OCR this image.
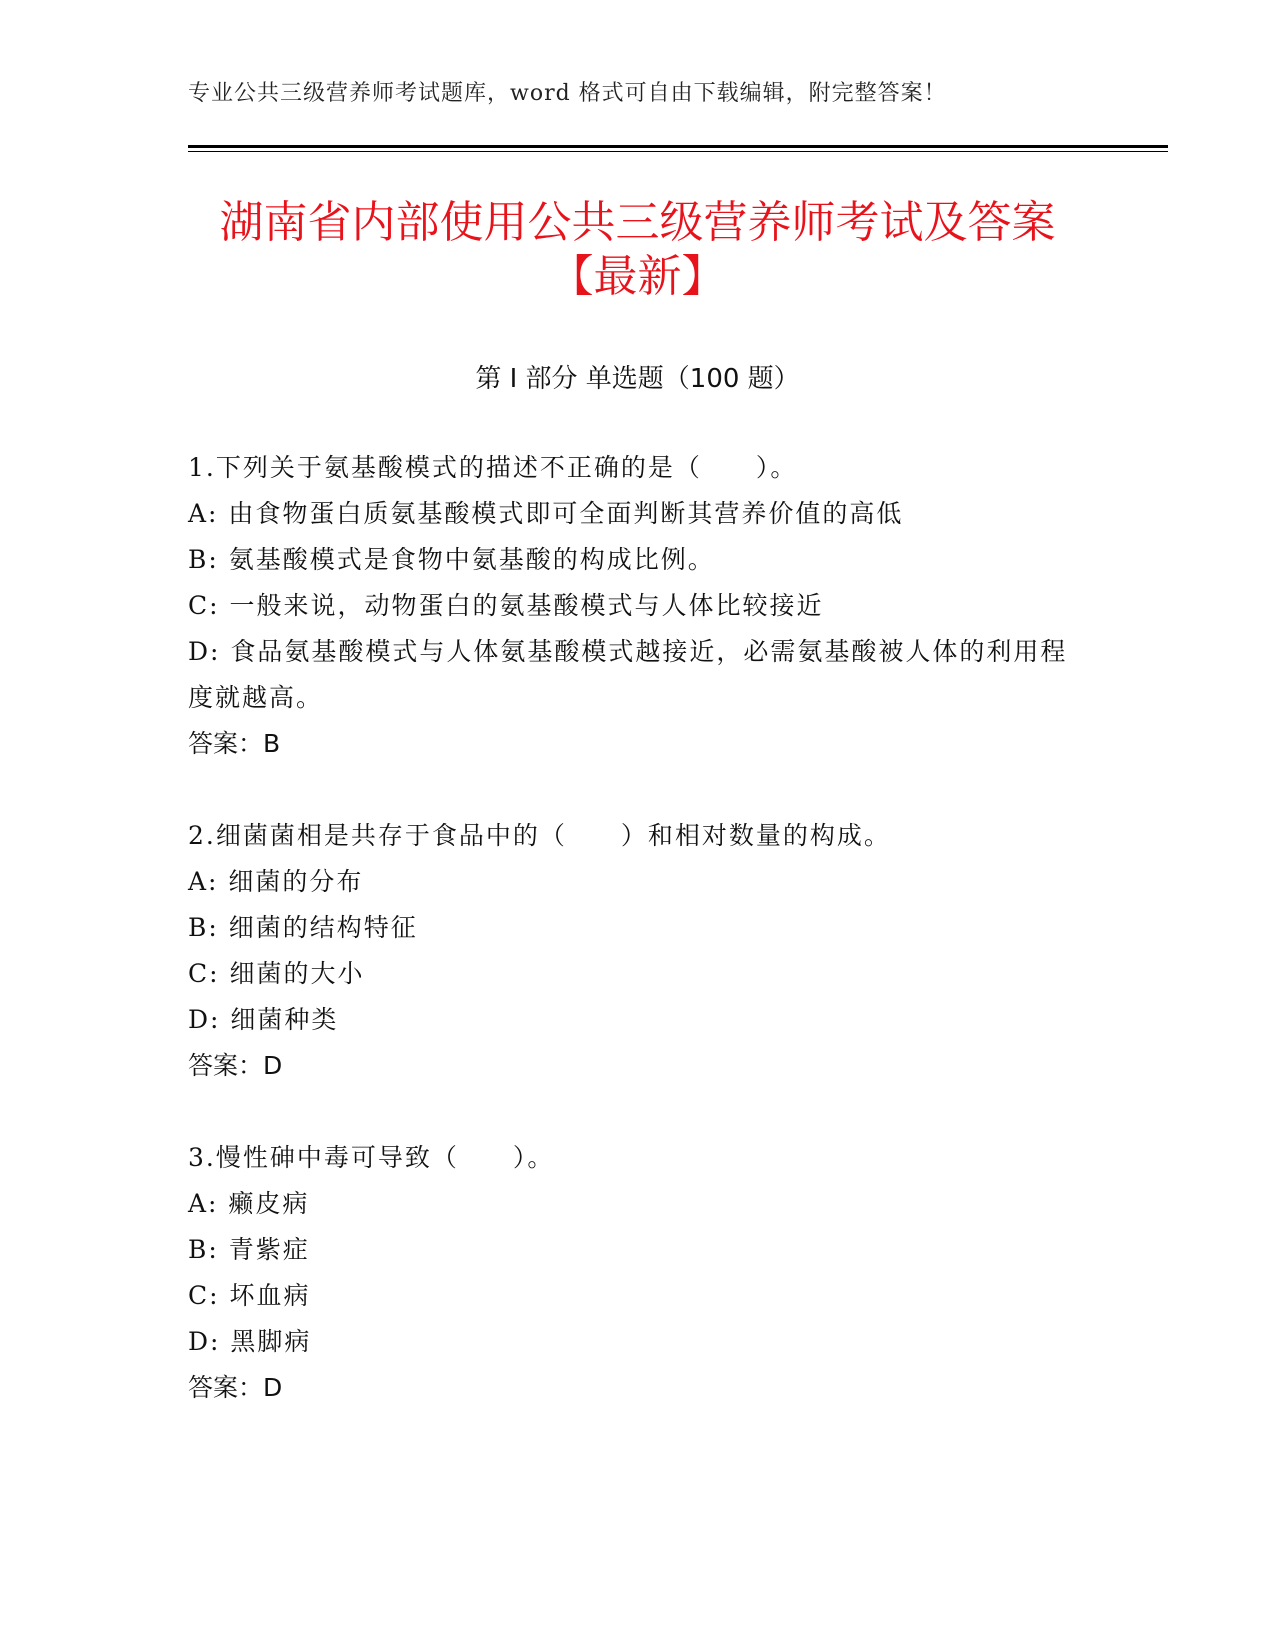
专业公共三级营养师考试题库，word 格式可自由下载编辑，附完整答案！
湖南省内部使用公共三级营养师考试及答案
【最新】
第 I 部分 单选题（100 题）
1.下列关于氨基酸模式的描述不正确的是（　　）。
A: 由食物蛋白质氨基酸模式即可全面判断其营养价值的高低
B: 氨基酸模式是食物中氨基酸的构成比例。
C: 一般来说，动物蛋白的氨基酸模式与人体比较接近
D: 食品氨基酸模式与人体氨基酸模式越接近，必需氨基酸被人体的利用程度就越高。
答案：B
2.细菌菌相是共存于食品中的（　　）和相对数量的构成。
A: 细菌的分布
B: 细菌的结构特征
C: 细菌的大小
D: 细菌种类
答案：D
3.慢性砷中毒可导致（　　）。
A: 癞皮病
B: 青紫症
C: 坏血病
D: 黑脚病
答案：D
